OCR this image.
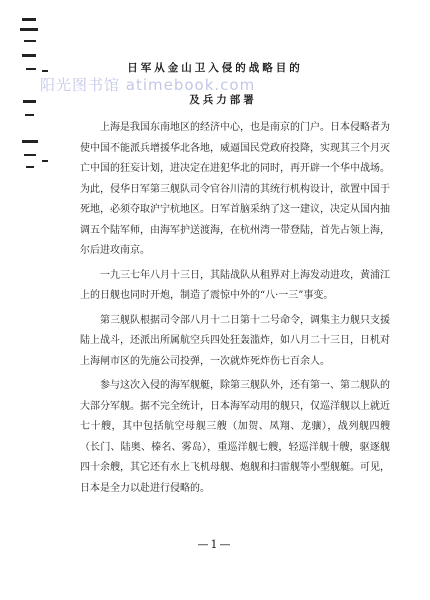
日军从金山卫入侵的战略目的
阳光图书馆 atimebook.com
及兵力部署

上海是我国东南地区的经济中心，也是南京的门户。日本侵略者为使中国不能派兵增援华北各地，威逼国民党政府投降，实现其三个月灭亡中国的狂妄计划，进决定在进犯华北的同时，再开辟一个华中战场。为此，侵华日军第三舰队司令官谷川清的其统行机构设计，欲置中国于死地，必须夺取沪宁杭地区。日军首脑采纳了这一建议，决定从国内抽调五个陆军师，由海军护送渡海，在杭州湾一带登陆，首先占领上海，尔后进攻南京。

一九三七年八月十三日，其陆战队从租界对上海发动进攻，黄浦江上的日舰也同时开炮，制造了震惊中外的“八·一三”事变。

第三舰队根据司令部八月十二日第十二号命令，调集主力舰只支援陆上战斗，还派出所属航空兵四处狂轰滥炸，如八月二十三日，日机对上海闸市区的先施公司投弹，一次就炸死炸伤七百余人。

参与这次入侵的海军舰艇，除第三舰队外，还有第一、第二舰队的大部分军舰。据不完全统计，日本海军动用的舰只，仅巡洋舰以上就近七十艘，其中包括航空母舰三艘（加贺、凤翔、龙骧），战列舰四艘（长门、陆奥、榛名、雾岛），重巡洋舰七艘，轻巡洋舰十艘，驱逐舰四十余艘，其它还有水上飞机母舰、炮舰和扫雷舰等小型舰艇。可见，日本是全力以赴进行侵略的。

—1—
